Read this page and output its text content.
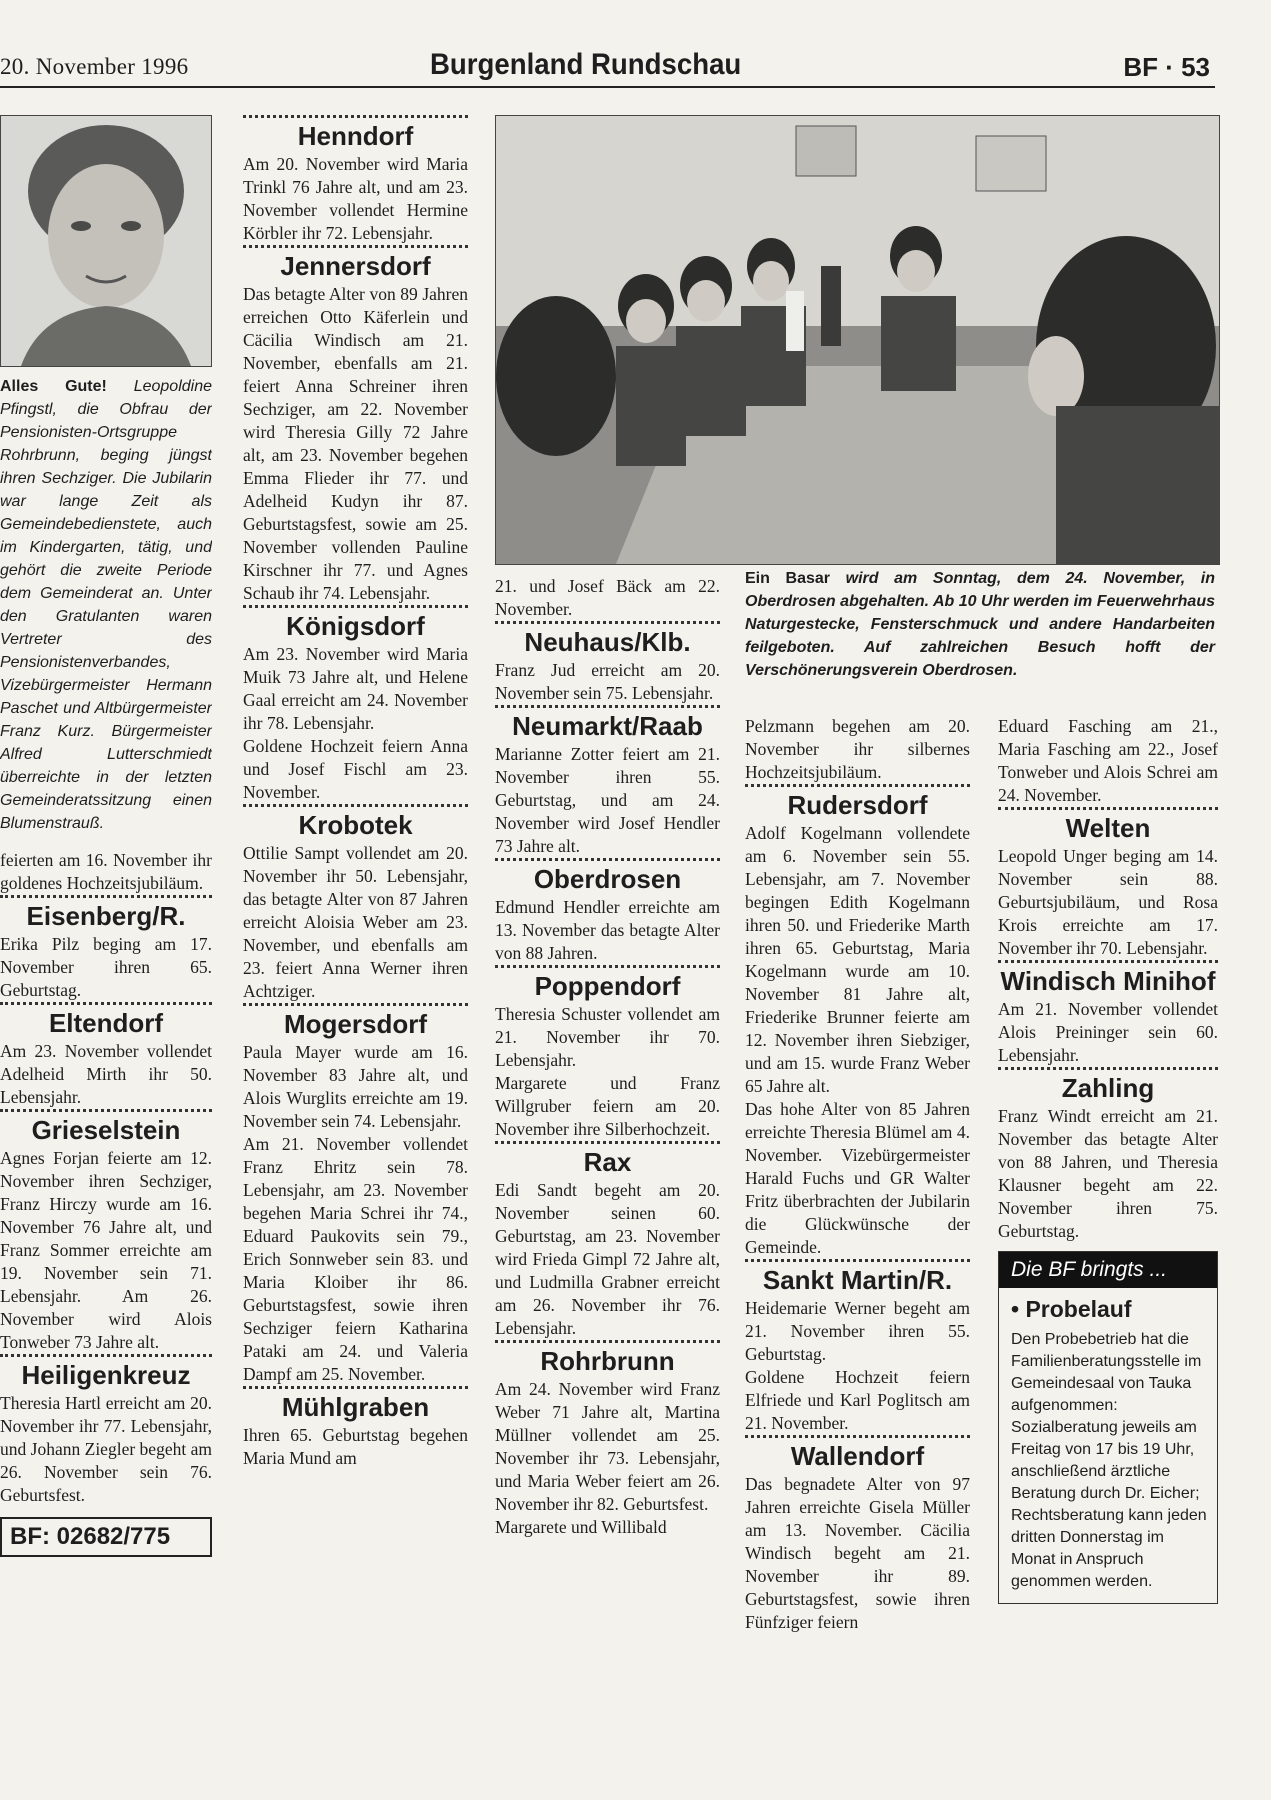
20. November 1996	Burgenland Rundschau	BF · 53
Ein Basar wird am Sonntag, dem 24. November, in Oberdrosen abgehalten. Ab 10 Uhr werden im Feuerwehrhaus Naturgestecke, Fensterschmuck und andere Handarbeiten feilgeboten. Auf zahlreichen Besuch hofft der Verschönerungsverein Oberdrosen.

Alles Gute! Leopoldine Pfingstl, die Obfrau der Pensionisten-Ortsgruppe Rohrbrunn, beging jüngst ihren Sechziger. Die Jubilarin war lange Zeit als Gemeindebedienstete, auch im Kindergarten, tätig, und gehört die zweite Periode dem Gemeinderat an. Unter den Gratulanten waren Vertreter des Pensionistenverbandes, Vizebürgermeister Hermann Paschet und Altbürgermeister Franz Kurz. Bürgermeister Alfred Lutterschmiedt überreichte in der letzten Gemeinderatssitzung einen Blumenstrauß.

feierten am 16. November ihr goldenes Hochzeitsjubiläum.

Eisenberg/R.

Erika Pilz beging am 17. November ihren 65. Geburtstag.

Eltendorf

Am 23. November vollendet Adelheid Mirth ihr 50. Lebensjahr.

Grieselstein

Agnes Forjan feierte am 12. November ihren Sechziger, Franz Hirczy wurde am 16. November 76 Jahre alt, und Franz Sommer erreichte am 19. November sein 71. Lebensjahr. Am 26. November wird Alois Tonweber 73 Jahre alt.

Heiligenkreuz

Theresia Hartl erreicht am 20. November ihr 77. Lebensjahr, und Johann Ziegler begeht am 26. November sein 76. Geburtsfest.

BF: 02682/775
Henndorf

Am 20. November wird Maria Trinkl 76 Jahre alt, und am 23. November vollendet Hermine Körbler ihr 72. Lebensjahr.

Jennersdorf

Das betagte Alter von 89 Jahren erreichen Otto Käferlein und Cäcilia Windisch am 21. November, ebenfalls am 21. feiert Anna Schreiner ihren Sechziger, am 22. November wird Theresia Gilly 72 Jahre alt, am 23. November begehen Emma Flieder ihr 77. und Adelheid Kudyn ihr 87. Geburtstagsfest, sowie am 25. November vollenden Pauline Kirschner ihr 77. und Agnes Schaub ihr 74. Lebensjahr.

Königsdorf

Am 23. November wird Maria Muik 73 Jahre alt, und Helene Gaal erreicht am 24. November ihr 78. Lebensjahr.

Goldene Hochzeit feiern Anna und Josef Fischl am 23. November.

Krobotek

Ottilie Sampt vollendet am 20. November ihr 50. Lebensjahr, das betagte Alter von 87 Jahren erreicht Aloisia Weber am 23. November, und ebenfalls am 23. feiert Anna Werner ihren Achtziger.

Mogersdorf

Paula Mayer wurde am 16. November 83 Jahre alt, und Alois Wurglits erreichte am 19. November sein 74. Lebensjahr.

Am 21. November vollendet Franz Ehritz sein 78. Lebensjahr, am 23. November begehen Maria Schrei ihr 74., Eduard Paukovits sein 79., Erich Sonnweber sein 83. und Maria Kloiber ihr 86. Geburtstagsfest, sowie ihren Sechziger feiern Katharina Pataki am 24. und Valeria Dampf am 25. November.

Mühlgraben

Ihren 65. Geburtstag begehen Maria Mund am

21. und Josef Bäck am 22. November.

Neuhaus/Klb.

Franz Jud erreicht am 20. November sein 75. Lebensjahr.

Neumarkt/Raab

Marianne Zotter feiert am 21. November ihren 55. Geburtstag, und am 24. November wird Josef Hendler 73 Jahre alt.

Oberdrosen

Edmund Hendler erreichte am 13. November das betagte Alter von 88 Jahren.

Poppendorf

Theresia Schuster vollendet am 21. November ihr 70. Lebensjahr.

Margarete und Franz Willgruber feiern am 20. November ihre Silberhochzeit.

Rax

Edi Sandt begeht am 20. November seinen 60. Geburtstag, am 23. November wird Frieda Gimpl 72 Jahre alt, und Ludmilla Grabner erreicht am 26. November ihr 76. Lebensjahr.

Rohrbrunn

Am 24. November wird Franz Weber 71 Jahre alt, Martina Müllner vollendet am 25. November ihr 73. Lebensjahr, und Maria Weber feiert am 26. November ihr 82. Geburtsfest.

Margarete und Willibald

Pelzmann begehen am 20. November ihr silbernes Hochzeitsjubiläum.

Rudersdorf

Adolf Kogelmann vollendete am 6. November sein 55. Lebensjahr, am 7. November begingen Edith Kogelmann ihren 50. und Friederike Marth ihren 65. Geburtstag, Maria Kogelmann wurde am 10. November 81 Jahre alt, Friederike Brunner feierte am 12. November ihren Siebziger, und am 15. wurde Franz Weber 65 Jahre alt.

Das hohe Alter von 85 Jahren erreichte Theresia Blümel am 4. November. Vizebürgermeister Harald Fuchs und GR Walter Fritz überbrachten der Jubilarin die Glückwünsche der Gemeinde.

Sankt Martin/R.

Heidemarie Werner begeht am 21. November ihren 55. Geburtstag.

Goldene Hochzeit feiern Elfriede und Karl Poglitsch am 21. November.

Wallendorf

Das begnadete Alter von 97 Jahren erreichte Gisela Müller am 13. November. Cäcilia Windisch begeht am 21. November ihr 89. Geburtstagsfest, sowie ihren Fünfziger feiern

Eduard Fasching am 21., Maria Fasching am 22., Josef Tonweber und Alois Schrei am 24. November.

Welten

Leopold Unger beging am 14. November sein 88. Geburtsjubiläum, und Rosa Krois erreichte am 17. November ihr 70. Lebensjahr.

Windisch Minihof

Am 21. November vollendet Alois Preininger sein 60. Lebensjahr.

Zahling

Franz Windt erreicht am 21. November das betagte Alter von 88 Jahren, und Theresia Klausner begeht am 22. November ihren 75. Geburtstag.

Die BF bringts ...

• Probelauf

Den Probebetrieb hat die Familienberatungsstelle im Gemeindesaal von Tauka aufgenommen: Sozialberatung jeweils am Freitag von 17 bis 19 Uhr, anschließend ärztliche Beratung durch Dr. Eicher; Rechtsberatung kann jeden dritten Donnerstag im Monat in Anspruch genommen werden.
